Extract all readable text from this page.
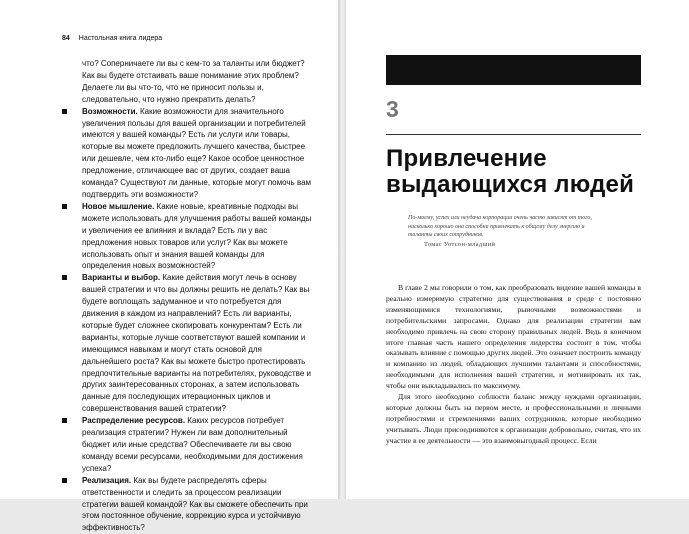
84 Настольная книга лидера

что? Соперничаете ли вы с кем-то за таланты или бюджет? Как вы будете отстаивать ваше понимание этих проблем? Делаете ли вы что-то, что не приносит пользы и, следовательно, что нужно прекратить делать?

Возможности. Какие возможности для значительного увеличения пользы для вашей организации и потребителей имеются у вашей команды? Есть ли услуги или товары, которые вы можете предложить лучшего качества, быстрее или дешевле, чем кто-либо еще? Какое особое ценностное предложение, отличающее вас от других, создает ваша команда? Существуют ли данные, которые могут помочь вам подтвердить эти возможности?
Новое мышление. Какие новые, креативные подходы вы можете использовать для улучшения работы вашей команды и увеличения ее влияния и вклада? Есть ли у вас предложения новых товаров или услуг? Как вы можете использовать опыт и знания вашей команды для определения новых возможностей?
Варианты и выбор. Какие действия могут лечь в основу вашей стратегии и что вы должны решить не делать? Как вы будете воплощать задуманное и что потребуется для движения в каждом из направлений? Есть ли варианты, которые будет сложнее скопировать конкурентам? Есть ли варианты, которые лучше соответствуют вашей компании и имеющимся навыкам и могут стать основой для дальнейшего роста? Как вы можете быстро протестировать предпочтительные варианты на потребителях, руководстве и других заинтересованных сторонах, а затем использовать данные для последующих итерационных циклов и совершенствования вашей стратегии?
Распределение ресурсов. Каких ресурсов потребует реализация стратегии? Нужен ли вам дополнительный бюджет или иные средства? Обеспечиваете ли вы свою команду всеми ресурсами, необходимыми для достижения успеха?
Реализация. Как вы будете распределять сферы ответственности и следить за процессом реализации стратегии вашей командой? Как вы сможете обеспечить при этом постоянное обучение, коррекцию курса и устойчивую эффективность?
3
Привлечение
выдающихся людей
По-моему, успех или неудача корпорации очень часто зависят от того, насколько хорошо она способна привлекать к общему делу энергию и таланты своих сотрудников.
Томас Уотсон-младший

В главе 2 мы говорили о том, как преобразовать видение вашей команды в реально измеримую стратегию для существования в среде с постоянно изменяющимися технологиями, рыночными возможностями и потребительскими запросами. Однако для реализации стратегии вам необходимо привлечь на свою сторону правильных людей. Ведь в конечном итоге главная часть нашего определения лидерства состоит в том, чтобы оказывать влияние с помощью других людей. Это означает построить команду и компанию из людей, обладающих лучшими талантами и способностями, необходимыми для исполнения вашей стратегии, и мотивировать их так, чтобы они выкладывались по максимуму.

Для этого необходимо соблюсти баланс между нуждами организации, которые должны быть на первом месте, и профессиональными и личными потребностями и стремлениями ваших сотрудников, которые необходимо учитывать. Люди присоединяются к организации добровольно, считая, что их участие в ее деятельности — это взаимовыгодный процесс. Если
